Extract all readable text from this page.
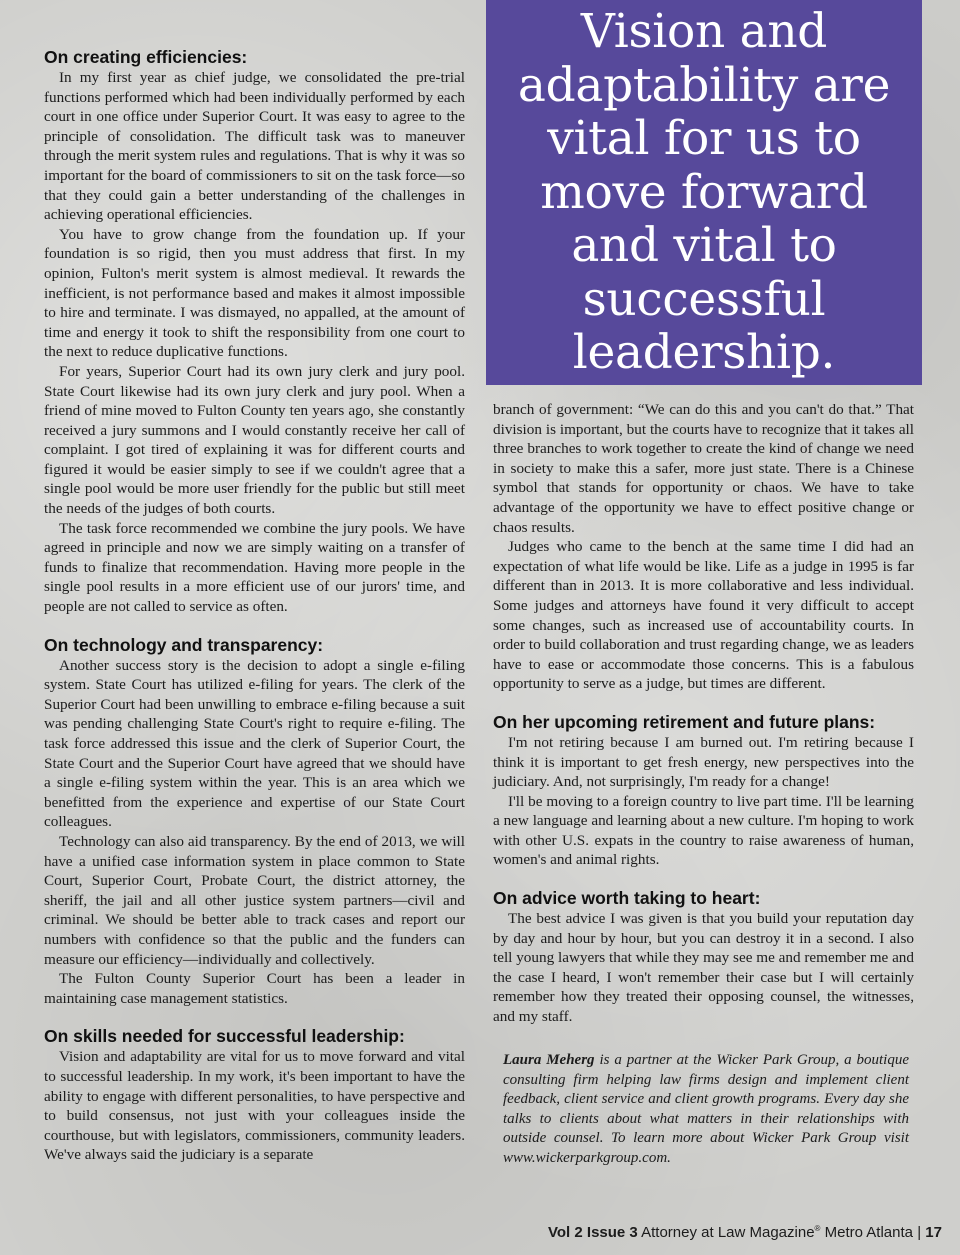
On creating efficiencies:

In my first year as chief judge, we consolidated the pre-trial functions performed which had been individually performed by each court in one office under Superior Court. It was easy to agree to the principle of consolidation. The difficult task was to maneuver through the merit system rules and regulations. That is why it was so important for the board of commissioners to sit on the task force—so that they could gain a better understanding of the challenges in achieving operational efficiencies.

You have to grow change from the foundation up. If your foundation is so rigid, then you must address that first. In my opinion, Fulton's merit system is almost medieval. It rewards the inefficient, is not performance based and makes it almost impossible to hire and terminate. I was dismayed, no appalled, at the amount of time and energy it took to shift the responsibility from one court to the next to reduce duplicative functions.

For years, Superior Court had its own jury clerk and jury pool. State Court likewise had its own jury clerk and jury pool. When a friend of mine moved to Fulton County ten years ago, she constantly received a jury summons and I would constantly receive her call of complaint. I got tired of explaining it was for different courts and figured it would be easier simply to see if we couldn't agree that a single pool would be more user friendly for the public but still meet the needs of the judges of both courts.

The task force recommended we combine the jury pools. We have agreed in principle and now we are simply waiting on a transfer of funds to finalize that recommendation. Having more people in the single pool results in a more efficient use of our jurors' time, and people are not called to service as often.

On technology and transparency:

Another success story is the decision to adopt a single e-filing system. State Court has utilized e-filing for years. The clerk of the Superior Court had been unwilling to embrace e-filing because a suit was pending challenging State Court's right to require e-filing. The task force addressed this issue and the clerk of Superior Court, the State Court and the Superior Court have agreed that we should have a single e-filing system within the year. This is an area which we benefitted from the experience and expertise of our State Court colleagues.

Technology can also aid transparency. By the end of 2013, we will have a unified case information system in place common to State Court, Superior Court, Probate Court, the district attorney, the sheriff, the jail and all other justice system partners—civil and criminal. We should be better able to track cases and report our numbers with confidence so that the public and the funders can measure our efficiency—individually and collectively.

The Fulton County Superior Court has been a leader in maintaining case management statistics.

On skills needed for successful leadership:

Vision and adaptability are vital for us to move forward and vital to successful leadership. In my work, it's been important to have the ability to engage with different personalities, to have perspective and to build consensus, not just with your colleagues inside the courthouse, but with legislators, commissioners, community leaders. We've always said the judiciary is a separate

Vision and adaptability are vital for us to move forward and vital to successful leadership.

branch of government: “We can do this and you can't do that.” That division is important, but the courts have to recognize that it takes all three branches to work together to create the kind of change we need in society to make this a safer, more just state. There is a Chinese symbol that stands for opportunity or chaos. We have to take advantage of the opportunity we have to effect positive change or chaos results.

Judges who came to the bench at the same time I did had an expectation of what life would be like. Life as a judge in 1995 is far different than in 2013. It is more collaborative and less individual. Some judges and attorneys have found it very difficult to accept some changes, such as increased use of accountability courts. In order to build collaboration and trust regarding change, we as leaders have to ease or accommodate those concerns. This is a fabulous opportunity to serve as a judge, but times are different.

On her upcoming retirement and future plans:

I'm not retiring because I am burned out. I'm retiring because I think it is important to get fresh energy, new perspectives into the judiciary. And, not surprisingly, I'm ready for a change!

I'll be moving to a foreign country to live part time. I'll be learning a new language and learning about a new culture. I'm hoping to work with other U.S. expats in the country to raise awareness of human, women's and animal rights.

On advice worth taking to heart:

The best advice I was given is that you build your reputation day by day and hour by hour, but you can destroy it in a second. I also tell young lawyers that while they may see me and remember me and the case I heard, I won't remember their case but I will certainly remember how they treated their opposing counsel, the witnesses, and my staff.

Laura Meherg is a partner at the Wicker Park Group, a boutique consulting firm helping law firms design and implement client feedback, client service and client growth programs. Every day she talks to clients about what matters in their relationships with outside counsel. To learn more about Wicker Park Group visit www.wickerparkgroup.com.

Vol 2 Issue 3 Attorney at Law Magazine® Metro Atlanta | 17
